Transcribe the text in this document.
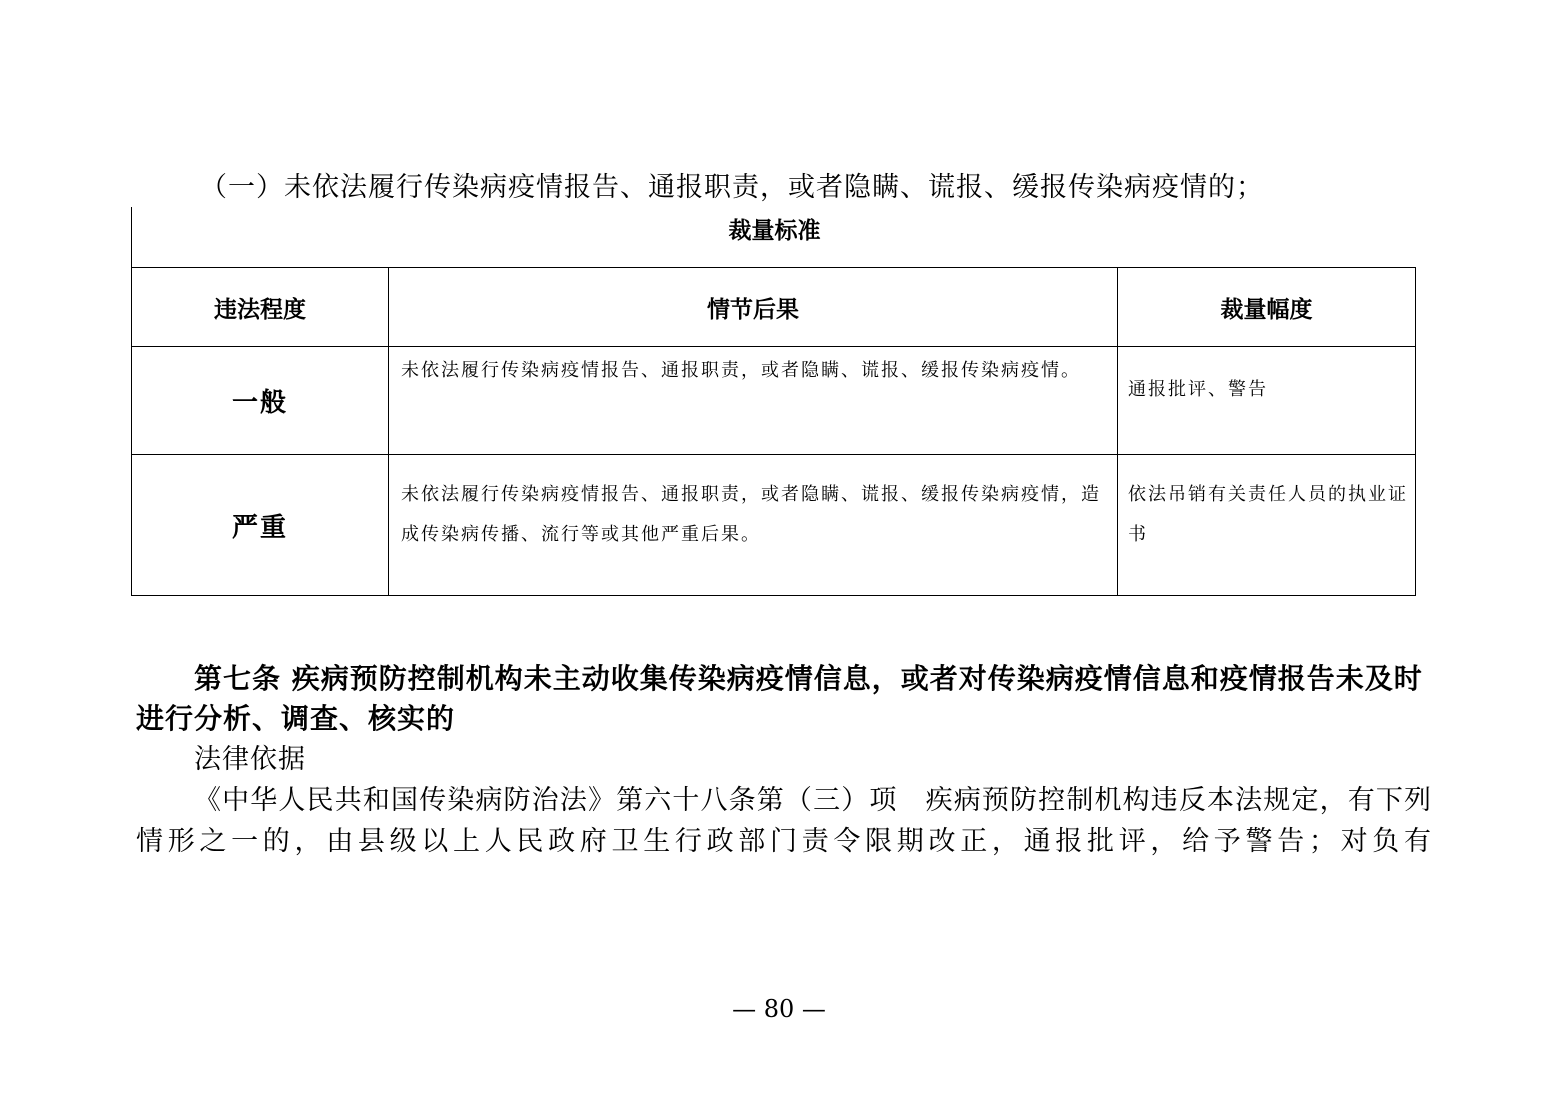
（一）未依法履行传染病疫情报告、通报职责，或者隐瞒、谎报、缓报传染病疫情的；
裁量标准
违法程度	情节后果	裁量幅度
一般	未依法履行传染病疫情报告、通报职责，或者隐瞒、谎报、缓报传染病疫情。	通报批评、警告
严重	未依法履行传染病疫情报告、通报职责，或者隐瞒、谎报、缓报传染病疫情，造成传染病传播、流行等或其他严重后果。	依法吊销有关责任人员的执业证书
第七条 疾病预防控制机构未主动收集传染病疫情信息，或者对传染病疫情信息和疫情报告未及时进行分析、调查、核实的
法律依据
《中华人民共和国传染病防治法》第六十八条第（三）项　疾病预防控制机构违反本法规定，有下列情形之一的，由县级以上人民政府卫生行政部门责令限期改正，通报批评，给予警告；对负有
— 80 —
